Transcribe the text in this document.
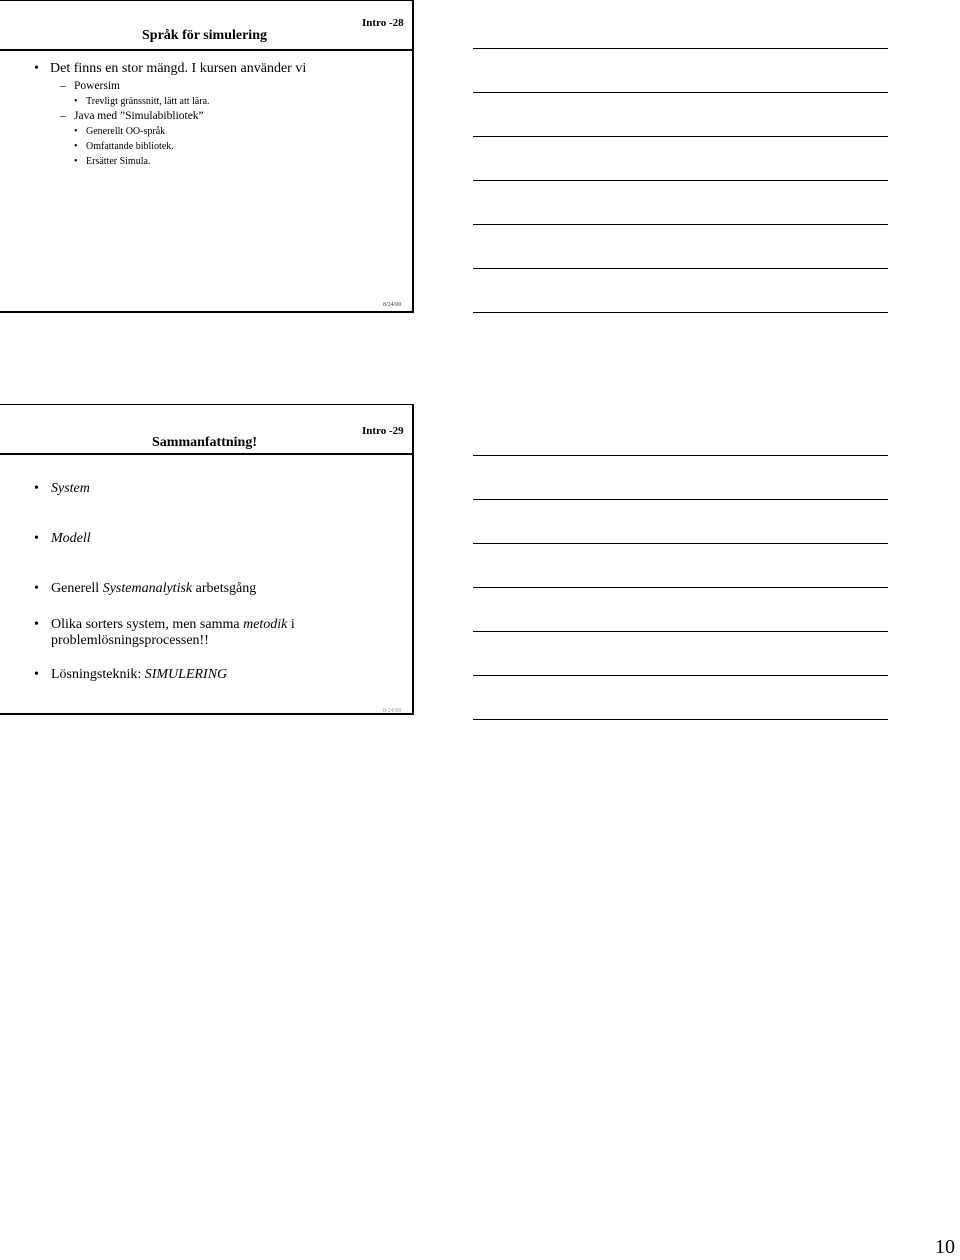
Språk för simulering
Intro -28
• Det finns en stor mängd. I kursen använder vi
– Powersim
• Trevligt gränssnitt, lätt att lära.
– Java med ”Simulabibliotek”
• Generellt OO-språk
• Omfattande bibliotek.
• Ersätter Simula.
8/24/00
Sammanfattning!
Intro -29
• System
• Modell
• Generell Systemanalytisk arbetsgång
• Olika sorters system, men samma metodik i
problemlösningsprocessen!!
• Lösningsteknik: SIMULERING
8/24/00
10
